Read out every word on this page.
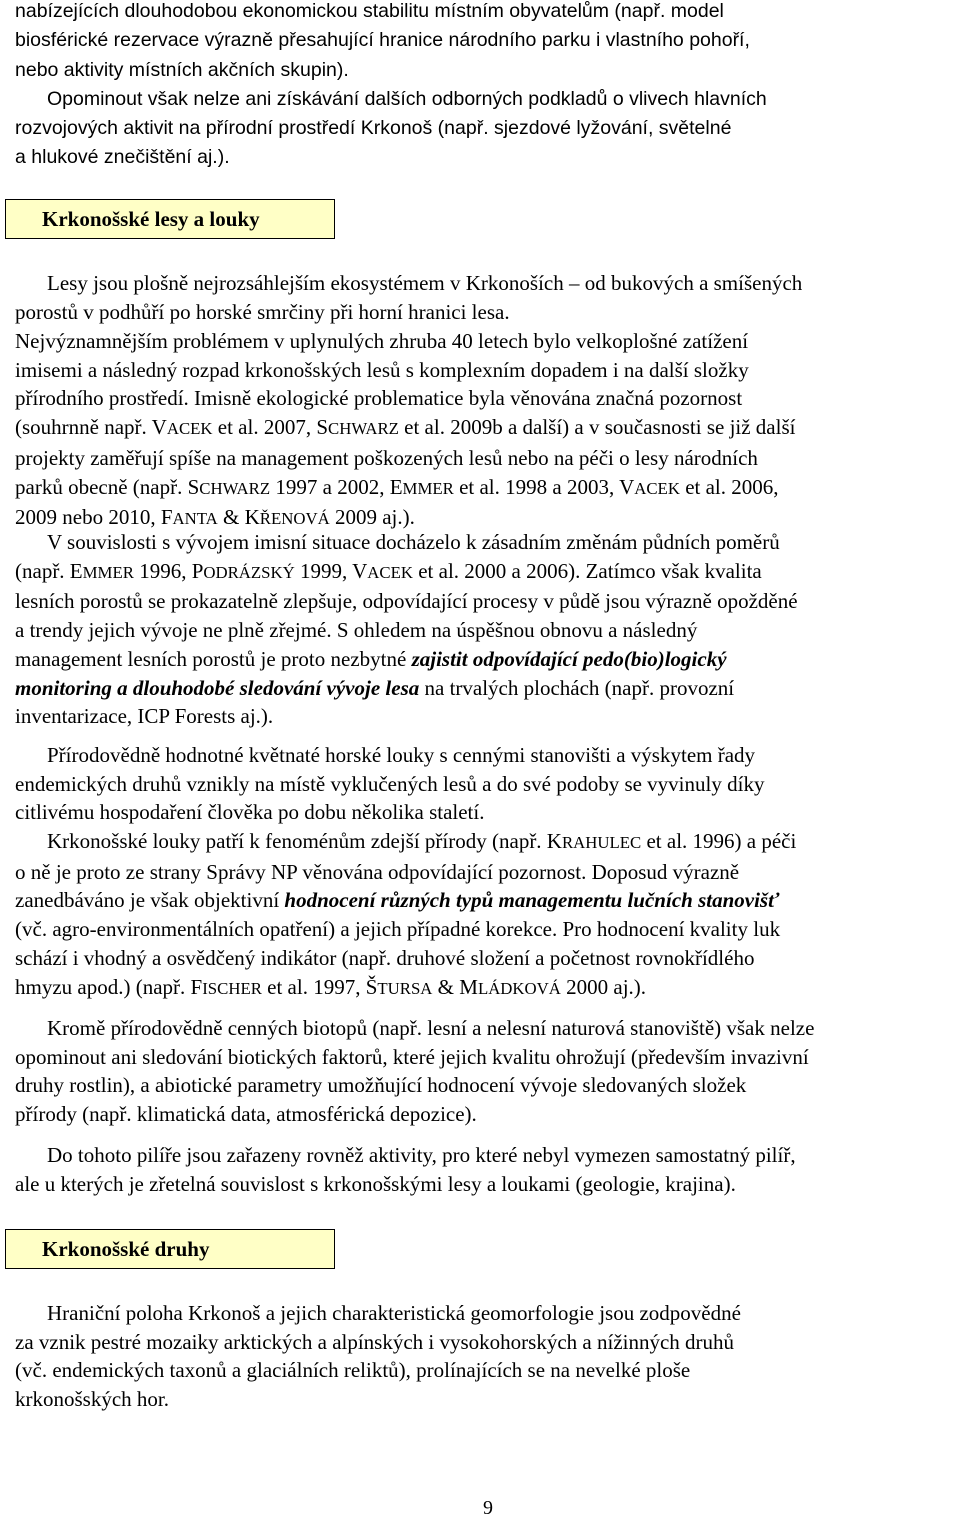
nabízejících dlouhodobou ekonomickou stabilitu místním obyvatelům (např. model
biosférické rezervace výrazně přesahující hranice národního parku i vlastního pohoří,
nebo aktivity místních akčních skupin).
Opominout však nelze ani získávání dalších odborných podkladů o vlivech hlavních
rozvojových aktivit na přírodní prostředí Krkonoš (např. sjezdové lyžování, světelné
a hlukové znečištění aj.).
Krkonošské lesy a louky
Lesy jsou plošně nejrozsáhlejším ekosystémem v Krkonoších – od bukových a smíšených
porostů v podhůří po horské smrčiny při horní hranici lesa.
Nejvýznamnějším problémem v uplynulých zhruba 40 letech bylo velkoplošné zatížení
imisemi a následný rozpad krkonošských lesů s komplexním dopadem i na další složky
přírodního prostředí. Imisně ekologické problematice byla věnována značná pozornost
(souhrnně např. VACEK et al. 2007, SCHWARZ et al. 2009b a další) a v současnosti se již další
projekty zaměřují spíše na management poškozených lesů nebo na péči o lesy národních
parků obecně (např. SCHWARZ 1997 a 2002, EMMER et al. 1998 a 2003, VACEK et al. 2006,
2009 nebo 2010, FANTA & KŘENOVÁ 2009 aj.).
V souvislosti s vývojem imisní situace docházelo k zásadním změnám půdních poměrů
(např. EMMER 1996, PODRÁZSKÝ 1999, VACEK et al. 2000 a 2006). Zatímco však kvalita
lesních porostů se prokazatelně zlepšuje, odpovídající procesy v půdě jsou výrazně opožděné
a trendy jejich vývoje ne plně zřejmé. S ohledem na úspěšnou obnovu a následný
management lesních porostů je proto nezbytné zajistit odpovídající pedo(bio)logický
monitoring a dlouhodobé sledování vývoje lesa na trvalých plochách (např. provozní
inventarizace, ICP Forests aj.).
Přírodovědně hodnotné květnaté horské louky s cennými stanovišti a výskytem řady
endemických druhů vznikly na místě vyklučených lesů a do své podoby se vyvinuly díky
citlivému hospodaření člověka po dobu několika staletí.
Krkonošské louky patří k fenoménům zdejší přírody (např. KRAHULEC et al. 1996) a péči
o ně je proto ze strany Správy NP věnována odpovídající pozornost. Doposud výrazně
zanedbáváno je však objektivní hodnocení různých typů managementu lučních stanovišť
(vč. agro-environmentálních opatření) a jejich případné korekce. Pro hodnocení kvality luk
schází i vhodný a osvědčený indikátor (např. druhové složení a početnost rovnokřídlého
hmyzu apod.) (např. FISCHER et al. 1997, ŠTURSA & MLÁDKOVÁ 2000 aj.).
Kromě přírodovědně cenných biotopů (např. lesní a nelesní naturová stanoviště) však nelze
opominout ani sledování biotických faktorů, které jejich kvalitu ohrožují (především invazivní
druhy rostlin), a abiotické parametry umožňující hodnocení vývoje sledovaných složek
přírody (např. klimatická data, atmosférická depozice).
Do tohoto pilíře jsou zařazeny rovněž aktivity, pro které nebyl vymezen samostatný pilíř,
ale u kterých je zřetelná souvislost s krkonošskými lesy a loukami (geologie, krajina).
Krkonošské druhy
Hraniční poloha Krkonoš a jejich charakteristická geomorfologie jsou zodpovědné
za vznik pestré mozaiky arktických a alpínských i vysokohorských a nížinných druhů
(vč. endemických taxonů a glaciálních reliktů), prolínajících se na nevelké ploše
krkonošských hor.
9
